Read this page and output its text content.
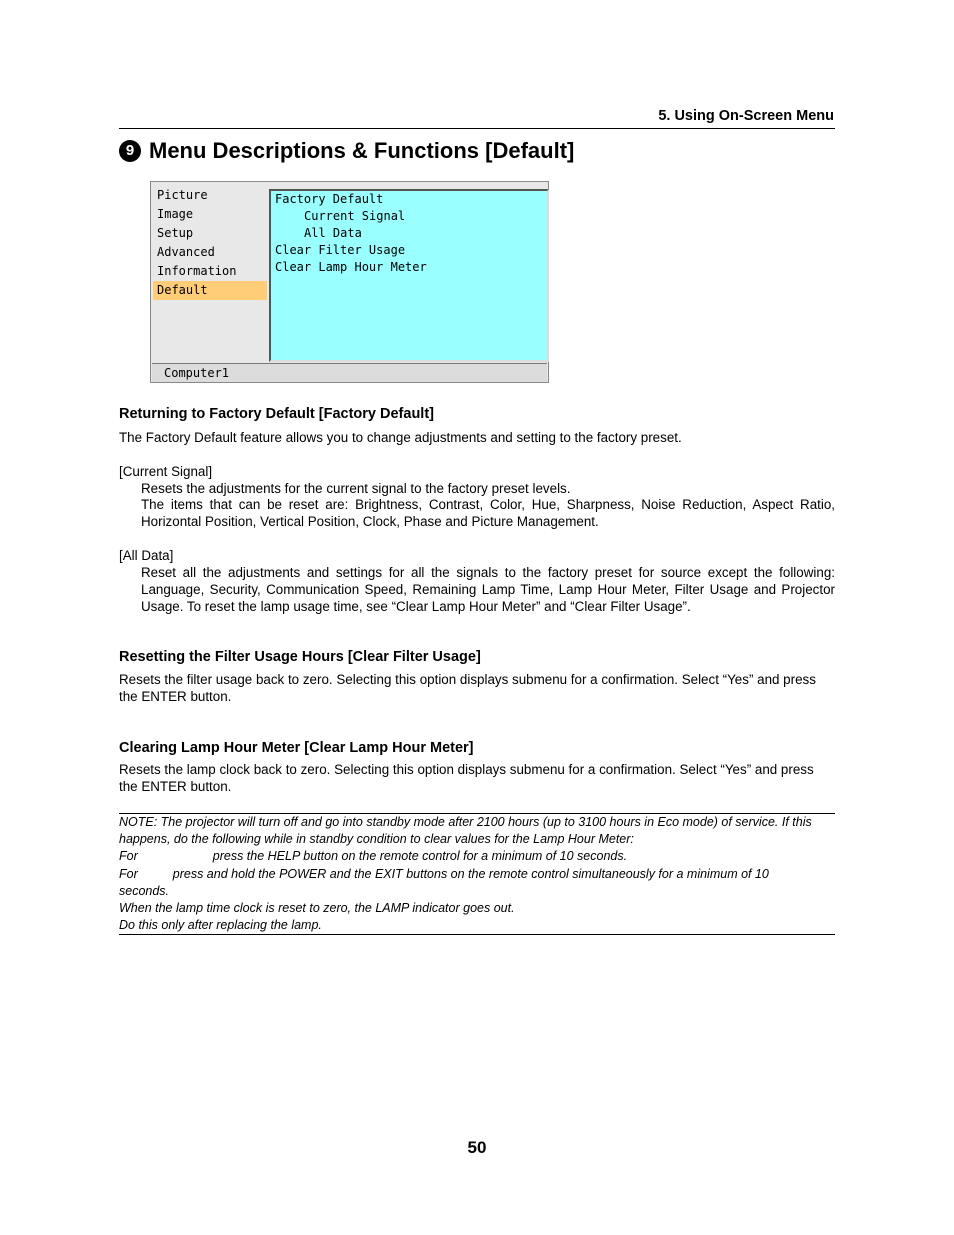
5. Using On-Screen Menu
9 Menu Descriptions & Functions [Default]
Picture
Image
Setup
Advanced
Information
Default
Factory Default
Current Signal
All Data
Clear Filter Usage
Clear Lamp Hour Meter
Computer1
Returning to Factory Default [Factory Default]
The Factory Default feature allows you to change adjustments and setting to the factory preset.
[Current Signal]
Resets the adjustments for the current signal to the factory preset levels.
The items that can be reset are: Brightness, Contrast, Color, Hue, Sharpness, Noise Reduction, Aspect Ratio, Horizontal Position, Vertical Position, Clock, Phase and Picture Management.
[All Data]
Reset all the adjustments and settings for all the signals to the factory preset for source except the following: Language, Security, Communication Speed, Remaining Lamp Time, Lamp Hour Meter, Filter Usage and Projector Usage. To reset the lamp usage time, see “Clear Lamp Hour Meter” and “Clear Filter Usage”.
Resetting the Filter Usage Hours [Clear Filter Usage]
Resets the filter usage back to zero. Selecting this option displays submenu for a confirmation. Select “Yes” and press the ENTER button.
Clearing Lamp Hour Meter [Clear Lamp Hour Meter]
Resets the lamp clock back to zero. Selecting this option displays submenu for a confirmation. Select “Yes” and press the ENTER button.
NOTE: The projector will turn off and go into standby mode after 2100 hours (up to 3100 hours in Eco mode) of service. If this
happens, do the following while in standby condition to clear values for the Lamp Hour Meter:
For	press the HELP button on the remote control for a minimum of 10 seconds.
For	press and hold the POWER and the EXIT buttons on the remote control simultaneously for a minimum of 10
seconds.
When the lamp time clock is reset to zero, the LAMP indicator goes out.
Do this only after replacing the lamp.
50
